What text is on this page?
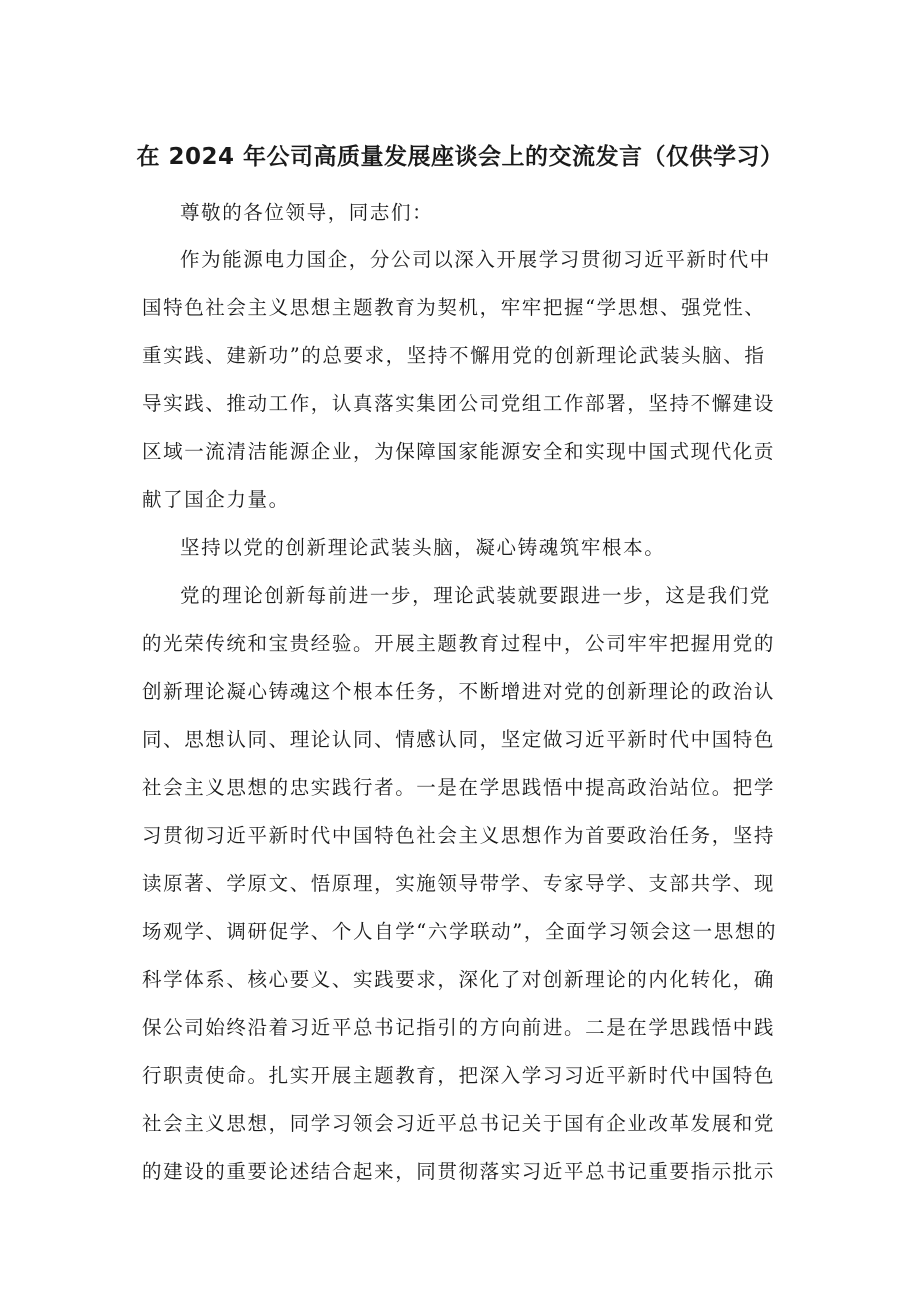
在 2024 年公司高质量发展座谈会上的交流发言（仅供学习）
尊敬的各位领导，同志们：
作为能源电力国企，分公司以深入开展学习贯彻习近平新时代中
国特色社会主义思想主题教育为契机，牢牢把握“学思想、强党性、
重实践、建新功”的总要求，坚持不懈用党的创新理论武装头脑、指
导实践、推动工作，认真落实集团公司党组工作部署，坚持不懈建设
区域一流清洁能源企业，为保障国家能源安全和实现中国式现代化贡
献了国企力量。
坚持以党的创新理论武装头脑，凝心铸魂筑牢根本。
党的理论创新每前进一步，理论武装就要跟进一步，这是我们党
的光荣传统和宝贵经验。开展主题教育过程中，公司牢牢把握用党的
创新理论凝心铸魂这个根本任务，不断增进对党的创新理论的政治认
同、思想认同、理论认同、情感认同，坚定做习近平新时代中国特色
社会主义思想的忠实践行者。一是在学思践悟中提高政治站位。把学
习贯彻习近平新时代中国特色社会主义思想作为首要政治任务，坚持
读原著、学原文、悟原理，实施领导带学、专家导学、支部共学、现
场观学、调研促学、个人自学“六学联动”，全面学习领会这一思想的
科学体系、核心要义、实践要求，深化了对创新理论的内化转化，确
保公司始终沿着习近平总书记指引的方向前进。二是在学思践悟中践
行职责使命。扎实开展主题教育，把深入学习习近平新时代中国特色
社会主义思想，同学习领会习近平总书记关于国有企业改革发展和党
的建设的重要论述结合起来，同贯彻落实习近平总书记重要指示批示
